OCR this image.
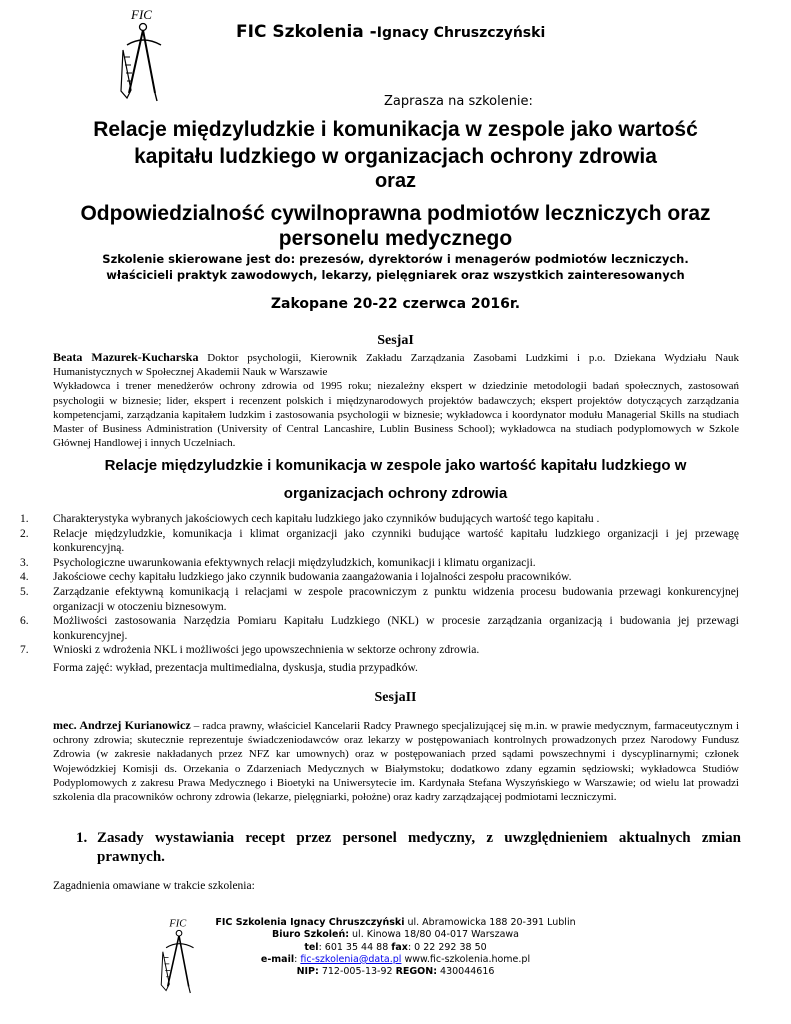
FIC
FIC Szkolenia -Ignacy Chruszczyński
Zaprasza na szkolenie:
Relacje międzyludzkie i komunikacja w zespole jako wartość
kapitału ludzkiego w organizacjach ochrony zdrowia
oraz
Odpowiedzialność cywilnoprawna podmiotów leczniczych oraz
personelu medycznego
Szkolenie skierowane jest do: prezesów, dyrektorów i menagerów podmiotów leczniczych.
właścicieli praktyk zawodowych, lekarzy, pielęgniarek oraz wszystkich zainteresowanych
Zakopane 20-22 czerwca 2016r.
SesjaI
Beata Mazurek-Kucharska Doktor psychologii, Kierownik Zakładu Zarządzania Zasobami Ludzkimi i p.o. Dziekana Wydziału Nauk Humanistycznych w Społecznej Akademii Nauk w Warszawie
Wykładowca i trener menedżerów ochrony zdrowia od 1995 roku; niezależny ekspert w dziedzinie metodologii badań społecznych, zastosowań psychologii w biznesie; lider, ekspert i recenzent polskich i międzynarodowych projektów badawczych; ekspert projektów dotyczących zarządzania kompetencjami, zarządzania kapitałem ludzkim i zastosowania psychologii w biznesie; wykładowca i koordynator modułu Managerial Skills na studiach Master of Business Administration (University of Central Lancashire, Lublin Business School); wykładowca na studiach podyplomowych w Szkole Głównej Handlowej i innych Uczelniach.
Relacje międzyludzkie i komunikacja w zespole jako wartość kapitału ludzkiego w
organizacjach ochrony zdrowia
1.	Charakterystyka wybranych jakościowych cech kapitału ludzkiego jako czynników budujących wartość tego kapitału .
2.	Relacje międzyludzkie, komunikacja i klimat organizacji jako czynniki budujące wartość kapitału ludzkiego organizacji i jej przewagę konkurencyjną.
3.	Psychologiczne uwarunkowania efektywnych relacji międzyludzkich, komunikacji i klimatu organizacji.
4.	Jakościowe cechy kapitału ludzkiego jako czynnik budowania zaangażowania i lojalności zespołu pracowników.
5.	Zarządzanie efektywną komunikacją i relacjami w zespole pracowniczym z punktu widzenia procesu budowania przewagi konkurencyjnej organizacji w otoczeniu biznesowym.
6.	Możliwości zastosowania Narzędzia Pomiaru Kapitału Ludzkiego (NKL) w procesie zarządzania organizacją i budowania jej przewagi konkurencyjnej.
7.	Wnioski z wdrożenia NKL i możliwości jego upowszechnienia w sektorze ochrony zdrowia.
Forma zajęć: wykład, prezentacja multimedialna, dyskusja, studia przypadków.
SesjaII
mec. Andrzej Kurianowicz – radca prawny, właściciel Kancelarii Radcy Prawnego specjalizującej się m.in. w prawie medycznym, farmaceutycznym i ochrony zdrowia; skutecznie reprezentuje świadczeniodawców oraz lekarzy w postępowaniach kontrolnych prowadzonych przez Narodowy Fundusz Zdrowia (w zakresie nakładanych przez NFZ kar umownych) oraz w postępowaniach przed sądami powszechnymi i dyscyplinarnymi; członek Wojewódzkiej Komisji ds. Orzekania o Zdarzeniach Medycznych w Białymstoku; dodatkowo zdany egzamin sędziowski; wykładowca Studiów Podyplomowych z zakresu Prawa Medycznego i Bioetyki na Uniwersytecie im. Kardynała Stefana Wyszyńskiego w Warszawie; od wielu lat prowadzi szkolenia dla pracowników ochrony zdrowia (lekarze, pielęgniarki, położne) oraz kadry zarządzającej podmiotami leczniczymi.
1. Zasady wystawiania recept przez personel medyczny, z uwzględnieniem aktualnych zmian prawnych.
Zagadnienia omawiane w trakcie szkolenia:
FIC	FIC Szkolenia Ignacy Chruszczyński ul. Abramowicka 188 20-391 Lublin
Biuro Szkoleń: ul. Kinowa 18/80 04-017 Warszawa
tel: 601 35 44 88 fax: 0 22 292 38 50
e-mail: fic-szkolenia@data.pl www.fic-szkolenia.home.pl
NIP: 712-005-13-92 REGON: 430044616
